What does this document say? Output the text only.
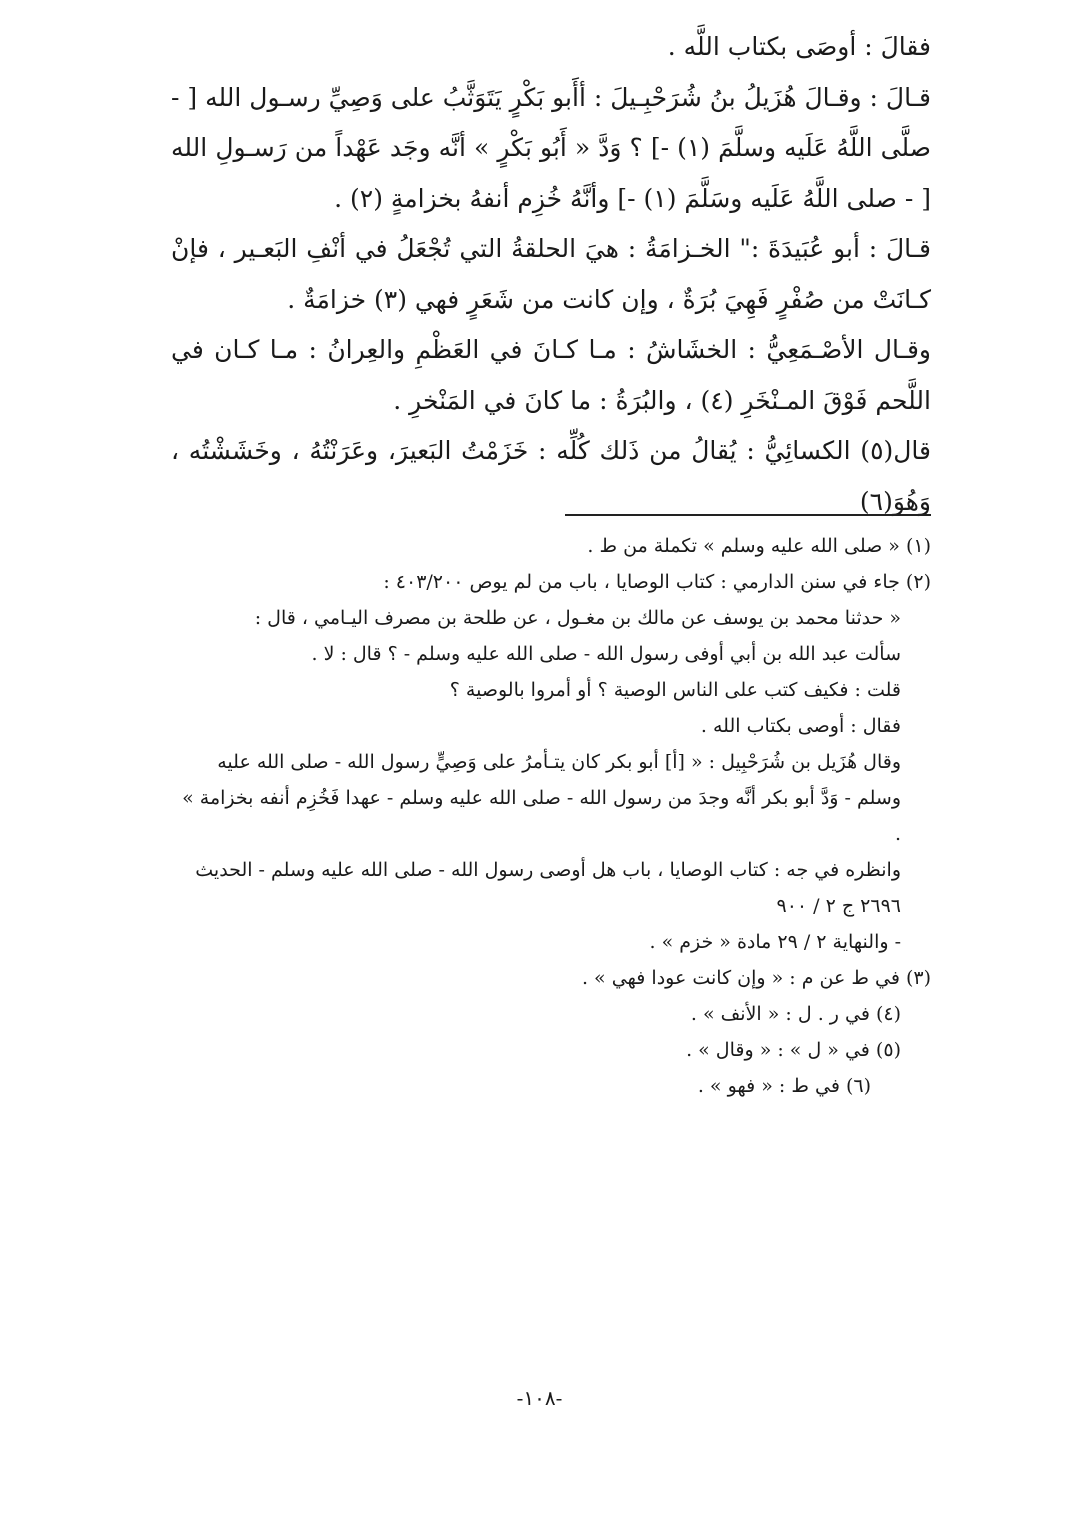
فقالَ : أوصَى بكتاب اللَّه .

قـالَ : وقـالَ هُزَيلُ بنُ شُرَحْبِـيلَ : أأَبو بَكْرٍ يَتَوَثَّبُ على وَصِيِّ رسـول الله [ - صلَّى اللَّهُ عَلَيه وسلَّمَ (١) -] ؟ وَدَّ « أَبُو بَكْرٍ » أنَّه وجَد عَهْداً من رَسـولِ الله [ - صلى اللَّهُ عَلَيه وسَلَّمَ (١) -] وأنَّهُ خُزِم أنفهُ بخزامةٍ (٢) .

قـالَ : أبو عُبَيدَةَ :" الخـزامَةُ : هيَ الحلقةُ التي تُجْعَلُ في أنْفِ البَعـير ، فإنْ كـانَتْ من صُفْرٍ فَهِيَ بُرَةٌ ، وإن كانت من شَعَرٍ فهي (٣) خزامَةٌ .

وقـال الأصْـمَعِيُّ : الخشَاشُ : مـا كـانَ في العَظْمِ والعِرانُ : مـا كـان في اللَّحم فَوْقَ المـنْخَرِ (٤) ، والبُرَةُ : ما كانَ في المَنْخرِ .

قال(٥) الكسائِيُّ : يُقالُ من ذَلك كُلِّه : خَزَمْتُ البَعيرَ، وعَرَنْتُهُ ، وخَشَشْتُه ، وَهُوَ(٦)

(١) « صلى الله عليه وسلم » تكملة من ط .

(٢) جاء في سنن الدارمي : كتاب الوصايا ، باب من لم يوص ٤٠٣/٢٠٠ :

« حدثنا محمد بن يوسف عن مالك بن مغـول ، عن طلحة بن مصرف اليـامي ، قال :

سألت عبد الله بن أبي أوفى رسول الله - صلى الله عليه وسلم - ؟ قال : لا .

قلت : فكيف كتب على الناس الوصية ؟ أو أمروا بالوصية ؟

فقال : أوصى بكتاب الله .

وقال هُزَيل بن شُرَحْبِيل : « [أ] أبو بكر كان يتـأمرُ على وَصِيٍّ رسول الله - صلى الله عليه وسلم - وَدَّ أبو بكر أنَّه وجدَ من رسول الله - صلى الله عليه وسلم - عهدا فَخُزِم أنفه بخزامة » .

وانظره في جه : كتاب الوصايا ، باب هل أوصى رسول الله - صلى الله عليه وسلم - الحديث ٢٦٩٦ ج ٢ / ٩٠٠

- والنهاية ٢ / ٢٩ مادة « خزم » .

(٣) في ط عن م : « وإن كانت عودا فهي » .

(٤) في ر . ل : « الأنف » .

(٥) في « ل » : « وقال » .

(٦) في ط : « فهو » .

-١٠٨-
